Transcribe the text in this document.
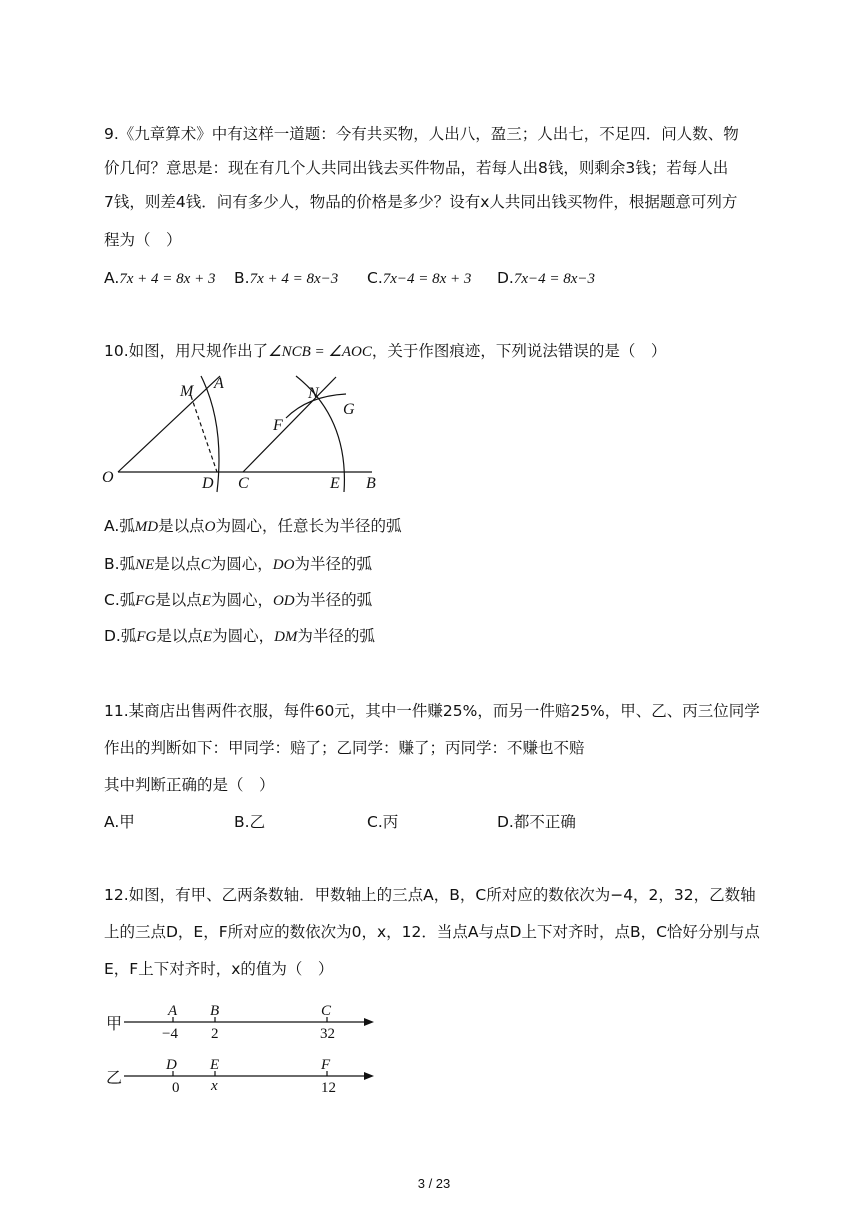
9.《九章算术》中有这样一道题：今有共买物，人出八，盈三；人出七，不足四．问人数、物
价几何？意思是：现在有几个人共同出钱去买件物品，若每人出8钱，则剩余3钱；若每人出
7钱，则差4钱．问有多少人，物品的价格是多少？设有x人共同出钱买物件，根据题意可列方
程为（　）
A.7x + 4 = 8x + 3 B.7x + 4 = 8x−3 C.7x−4 = 8x + 3 D.7x−4 = 8x−3
10.如图，用尺规作出了∠NCB = ∠AOC，关于作图痕迹，下列说法错误的是（　）
O
M A
D C
N
F
G
E B
A.弧MD是以点O为圆心，任意长为半径的弧
B.弧NE是以点C为圆心，DO为半径的弧
C.弧FG是以点E为圆心，OD为半径的弧
D.弧FG是以点E为圆心，DM为半径的弧
11.某商店出售两件衣服，每件60元，其中一件赚25%，而另一件赔25%，甲、乙、丙三位同学
作出的判断如下：甲同学：赔了；乙同学：赚了；丙同学：不赚也不赔
其中判断正确的是（　）
A.甲	B.乙	C.丙	D.都不正确
12.如图，有甲、乙两条数轴．甲数轴上的三点A，B，C所对应的数依次为−4，2，32，乙数轴
上的三点D，E，F所对应的数依次为0，x，12．当点A与点D上下对齐时，点B，C恰好分别与点
E，F上下对齐时，x的值为（　）
甲
A B	C
−4 2	32
乙
D E	F
0 x	12
3 / 23
